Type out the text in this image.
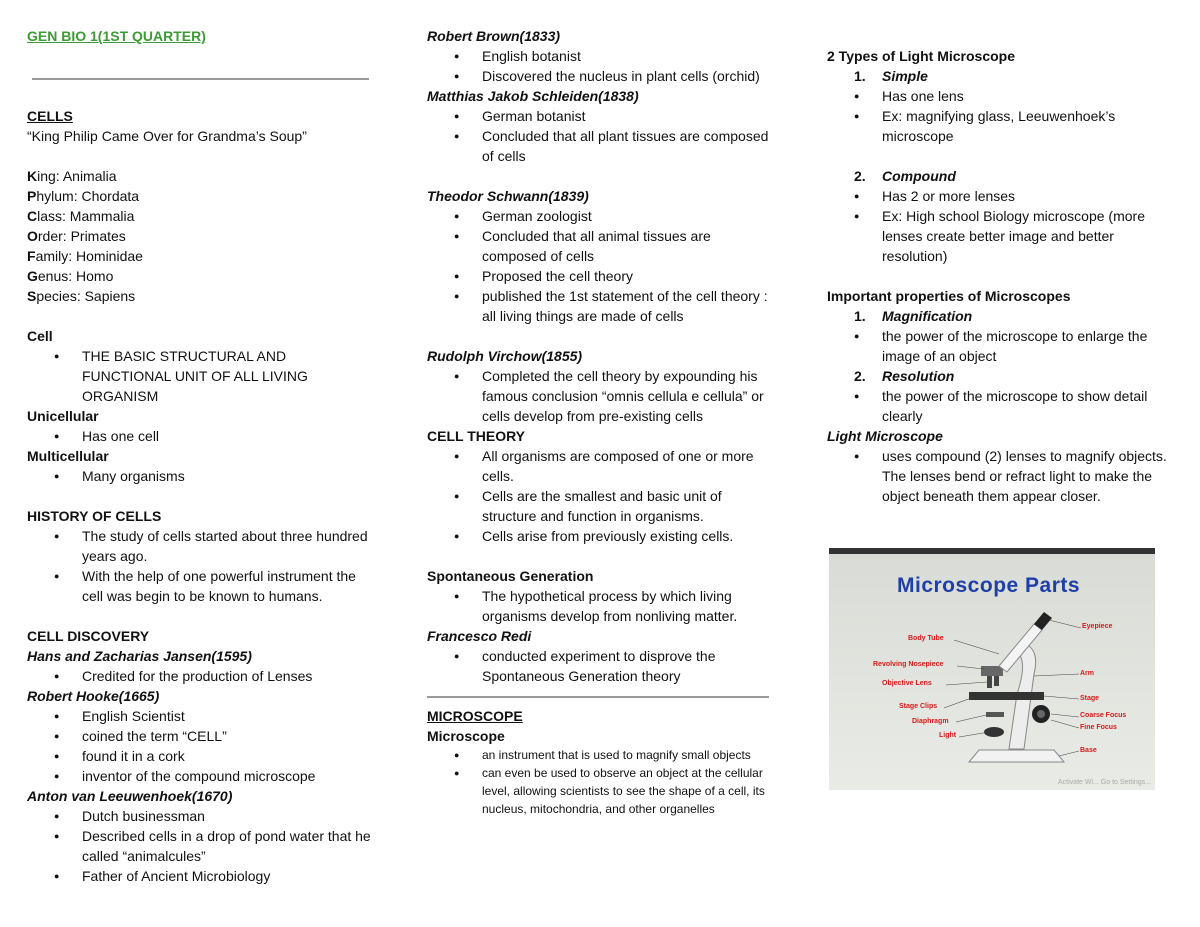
GEN BIO 1(1ST QUARTER)
CELLS
“King Philip Came Over for Grandma’s Soup”
King: Animalia
Phylum: Chordata
Class: Mammalia
Order: Primates
Family: Hominidae
Genus: Homo
Species: Sapiens
Cell
● THE BASIC STRUCTURAL AND FUNCTIONAL UNIT OF ALL LIVING ORGANISM
Unicellular
● Has one cell
Multicellular
● Many organisms
HISTORY OF CELLS
● The study of cells started about three hundred years ago.
● With the help of one powerful instrument the cell was begin to be known to humans.
CELL DISCOVERY
Hans and Zacharias Jansen(1595)
● Credited for the production of Lenses
Robert Hooke(1665)
● English Scientist
● coined the term “CELL”
● found it in a cork
● inventor of the compound microscope
Anton van Leeuwenhoek(1670)
● Dutch businessman
● Described cells in a drop of pond water that he called “animalcules”
● Father of Ancient Microbiology
Robert Brown(1833)
● English botanist
● Discovered the nucleus in plant cells (orchid)
Matthias Jakob Schleiden(1838)
● German botanist
● Concluded that all plant tissues are composed of cells
Theodor Schwann(1839)
● German zoologist
● Concluded that all animal tissues are composed of cells
● Proposed the cell theory
● published the 1st statement of the cell theory : all living things are made of cells
Rudolph Virchow(1855)
● Completed the cell theory by expounding his famous conclusion “omnis cellula e cellula” or cells develop from pre-existing cells
CELL THEORY
● All organisms are composed of one or more cells.
● Cells are the smallest and basic unit of structure and function in organisms.
● Cells arise from previously existing cells.
Spontaneous Generation
● The hypothetical process by which living organisms develop from nonliving matter.
Francesco Redi
● conducted experiment to disprove the Spontaneous Generation theory
MICROSCOPE
Microscope
● an instrument that is used to magnify small objects
● can even be used to observe an object at the cellular level, allowing scientists to see the shape of a cell, its nucleus, mitochondria, and other organelles
2 Types of Light Microscope
1. Simple
● Has one lens
● Ex: magnifying glass, Leeuwenhoek’s microscope
2. Compound
● Has 2 or more lenses
● Ex: High school Biology microscope (more lenses create better image and better resolution)
Important properties of Microscopes
1. Magnification
● the power of the microscope to enlarge the image of an object
2. Resolution
● the power of the microscope to show detail clearly
Light Microscope
● uses compound (2) lenses to magnify objects. The lenses bend or refract light to make the object beneath them appear closer.
Microscope Parts
Body Tube
Revolving Nosepiece
Objective Lens
Stage Clips
Diaphragm
Light
Eyepiece
Arm
Stage
Coarse Focus
Fine Focus
Base
Activate Wi... Go to Settings...
